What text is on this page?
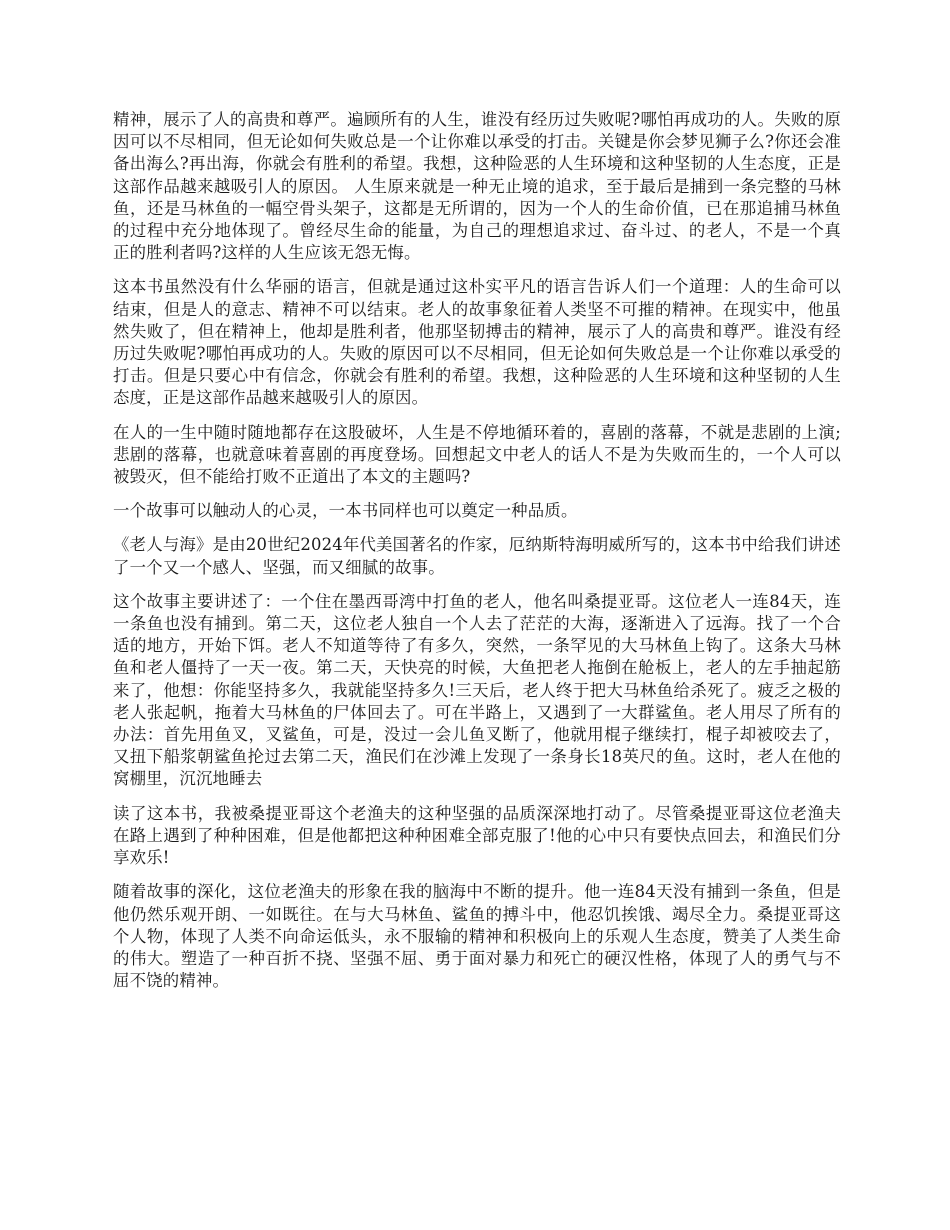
精神，展示了人的高贵和尊严。遍顾所有的人生，谁没有经历过失败呢?哪怕再成功的人。失败的原因可以不尽相同，但无论如何失败总是一个让你难以承受的打击。关键是你会梦见狮子么?你还会准备出海么?再出海，你就会有胜利的希望。我想，这种险恶的人生环境和这种坚韧的人生态度，正是这部作品越来越吸引人的原因。 人生原来就是一种无止境的追求，至于最后是捕到一条完整的马林鱼，还是马林鱼的一幅空骨头架子，这都是无所谓的，因为一个人的生命价值，已在那追捕马林鱼的过程中充分地体现了。曾经尽生命的能量，为自己的理想追求过、奋斗过、的老人，不是一个真正的胜利者吗?这样的人生应该无怨无悔。

这本书虽然没有什么华丽的语言，但就是通过这朴实平凡的语言告诉人们一个道理：人的生命可以结束，但是人的意志、精神不可以结束。老人的故事象征着人类坚不可摧的精神。在现实中，他虽然失败了，但在精神上，他却是胜利者，他那坚韧搏击的精神，展示了人的高贵和尊严。谁没有经历过失败呢?哪怕再成功的人。失败的原因可以不尽相同，但无论如何失败总是一个让你难以承受的打击。但是只要心中有信念，你就会有胜利的希望。我想，这种险恶的人生环境和这种坚韧的人生态度，正是这部作品越来越吸引人的原因。

在人的一生中随时随地都存在这股破坏，人生是不停地循环着的，喜剧的落幕，不就是悲剧的上演;悲剧的落幕，也就意味着喜剧的再度登场。回想起文中老人的话人不是为失败而生的，一个人可以被毁灭，但不能给打败不正道出了本文的主题吗?

一个故事可以触动人的心灵，一本书同样也可以奠定一种品质。

《老人与海》是由20世纪2024年代美国著名的作家，厄纳斯特海明威所写的，这本书中给我们讲述了一个又一个感人、坚强，而又细腻的故事。

这个故事主要讲述了：一个住在墨西哥湾中打鱼的老人，他名叫桑提亚哥。这位老人一连84天，连一条鱼也没有捕到。第二天，这位老人独自一个人去了茫茫的大海，逐渐进入了远海。找了一个合适的地方，开始下饵。老人不知道等待了有多久，突然，一条罕见的大马林鱼上钩了。这条大马林鱼和老人僵持了一天一夜。第二天，天快亮的时候，大鱼把老人拖倒在舱板上，老人的左手抽起筋来了，他想：你能坚持多久，我就能坚持多久!三天后，老人终于把大马林鱼给杀死了。疲乏之极的老人张起帆，拖着大马林鱼的尸体回去了。可在半路上，又遇到了一大群鲨鱼。老人用尽了所有的办法：首先用鱼叉，叉鲨鱼，可是，没过一会儿鱼叉断了，他就用棍子继续打，棍子却被咬去了，又扭下船浆朝鲨鱼抡过去第二天，渔民们在沙滩上发现了一条身长18英尺的鱼。这时，老人在他的窝棚里，沉沉地睡去

读了这本书，我被桑提亚哥这个老渔夫的这种坚强的品质深深地打动了。尽管桑提亚哥这位老渔夫在路上遇到了种种困难，但是他都把这种种困难全部克服了!他的心中只有要快点回去，和渔民们分享欢乐!

随着故事的深化，这位老渔夫的形象在我的脑海中不断的提升。他一连84天没有捕到一条鱼，但是他仍然乐观开朗、一如既往。在与大马林鱼、鲨鱼的搏斗中，他忍饥挨饿、竭尽全力。桑提亚哥这个人物，体现了人类不向命运低头，永不服输的精神和积极向上的乐观人生态度，赞美了人类生命的伟大。塑造了一种百折不挠、坚强不屈、勇于面对暴力和死亡的硬汉性格，体现了人的勇气与不屈不饶的精神。
